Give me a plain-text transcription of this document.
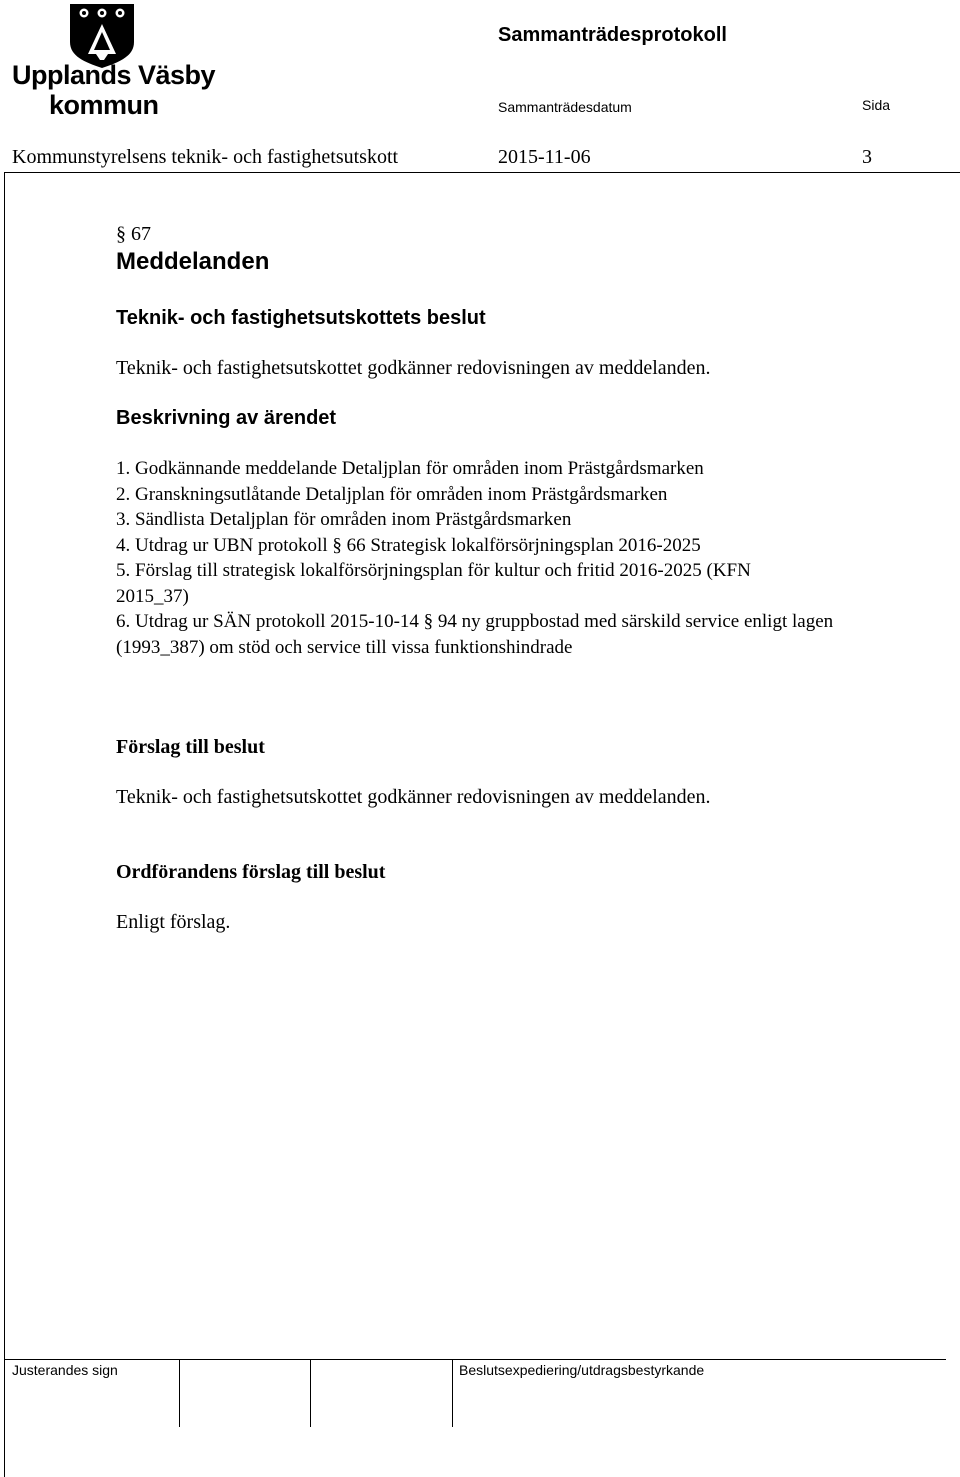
Upplands Väsby
kommun
Sammanträdesprotokoll
Sammanträdesdatum	Sida
Kommunstyrelsens teknik- och fastighetsutskott	2015-11-06	3
§ 67
Meddelanden
Teknik- och fastighetsutskottets beslut

Teknik- och fastighetsutskottet godkänner redovisningen av meddelanden.

Beskrivning av ärendet
1. Godkännande meddelande Detaljplan för områden inom Prästgårdsmarken
2. Granskningsutlåtande Detaljplan för områden inom Prästgårdsmarken
3. Sändlista Detaljplan för områden inom Prästgårdsmarken
4. Utdrag ur UBN protokoll § 66 Strategisk lokalförsörjningsplan 2016-2025
5. Förslag till strategisk lokalförsörjningsplan för kultur och fritid 2016-2025 (KFN 2015_37)
6. Utdrag ur SÄN protokoll 2015-10-14 § 94 ny gruppbostad med särskild service enligt lagen (1993_387) om stöd och service till vissa funktionshindrade
Förslag till beslut

Teknik- och fastighetsutskottet godkänner redovisningen av meddelanden.

Ordförandens förslag till beslut

Enligt förslag.

Justerandes sign	Beslutsexpediering/utdragsbestyrkande
